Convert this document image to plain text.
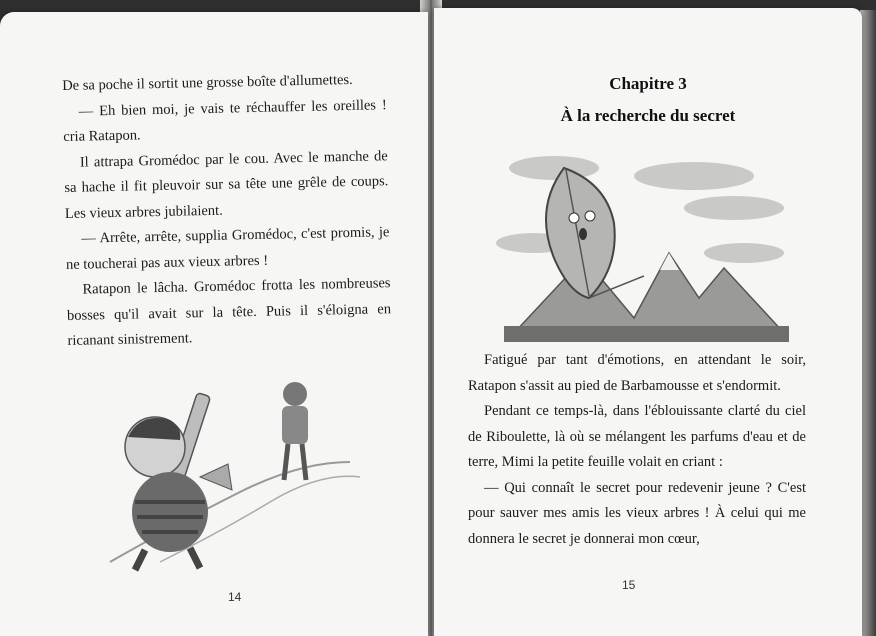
De sa poche il sortit une grosse boîte d'allumettes.

— Eh bien moi, je vais te réchauffer les oreilles ! cria Ratapon.

Il attrapa Gromédoc par le cou. Avec le manche de sa hache il fit pleuvoir sur sa tête une grêle de coups. Les vieux arbres jubilaient.

— Arrête, arrête, supplia Gromédoc, c'est promis, je ne toucherai pas aux vieux arbres !

Ratapon le lâcha. Gromédoc frotta les nombreuses bosses qu'il avait sur la tête. Puis il s'éloigna en ricanant sinistrement.

14
Chapitre 3
À la recherche du secret

Fatigué par tant d'émotions, en attendant le soir, Ratapon s'assit au pied de Barbamousse et s'endormit.

Pendant ce temps-là, dans l'éblouissante clarté du ciel de Riboulette, là où se mélangent les parfums d'eau et de terre, Mimi la petite feuille volait en criant :

— Qui connaît le secret pour redevenir jeune ? C'est pour sauver mes amis les vieux arbres ! À celui qui me donnera le secret je donnerai mon cœur,

15
